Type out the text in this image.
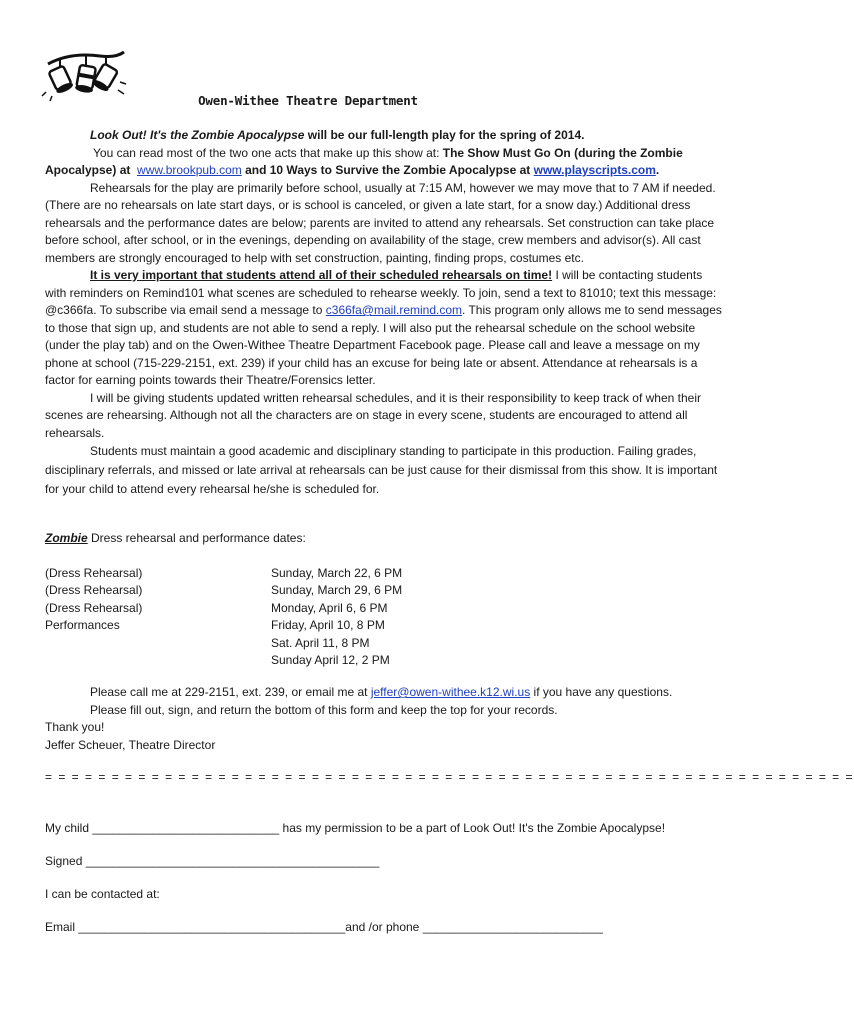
Owen-Withee Theatre Department

Look Out! It's the Zombie Apocalypse will be our full-length play for the spring of 2014.

You can read most of the two one acts that make up this show at: The Show Must Go On (during the Zombie Apocalypse) at www.brookpub.com and 10 Ways to Survive the Zombie Apocalypse at www.playscripts.com.

Rehearsals for the play are primarily before school, usually at 7:15 AM, however we may move that to 7 AM if needed. (There are no rehearsals on late start days, or is school is canceled, or given a late start, for a snow day.) Additional dress rehearsals and the performance dates are below; parents are invited to attend any rehearsals. Set construction can take place before school, after school, or in the evenings, depending on availability of the stage, crew members and advisor(s). All cast members are strongly encouraged to help with set construction, painting, finding props, costumes etc.

It is very important that students attend all of their scheduled rehearsals on time! I will be contacting students with reminders on Remind101 what scenes are scheduled to rehearse weekly. To join, send a text to 81010; text this message: @c366fa. To subscribe via email send a message to c366fa@mail.remind.com. This program only allows me to send messages to those that sign up, and students are not able to send a reply. I will also put the rehearsal schedule on the school website (under the play tab) and on the Owen-Withee Theatre Department Facebook page. Please call and leave a message on my phone at school (715-229-2151, ext. 239) if your child has an excuse for being late or absent. Attendance at rehearsals is a factor for earning points towards their Theatre/Forensics letter.

I will be giving students updated written rehearsal schedules, and it is their responsibility to keep track of when their scenes are rehearsing. Although not all the characters are on stage in every scene, students are encouraged to attend all rehearsals.

Students must maintain a good academic and disciplinary standing to participate in this production. Failing grades, disciplinary referrals, and missed or late arrival at rehearsals can be just cause for their dismissal from this show. It is important for your child to attend every rehearsal he/she is scheduled for.

Zombie Dress rehearsal and performance dates:
(Dress Rehearsal)	Sunday, March 22, 6 PM
(Dress Rehearsal)	Sunday, March 29, 6 PM
(Dress Rehearsal)	Monday, April 6, 6 PM
Performances	Friday, April 10, 8 PM
Sat. April 11, 8 PM
Sunday April 12, 2 PM
Please call me at 229-2151, ext. 239, or email me at jeffer@owen-withee.k12.wi.us if you have any questions.
Please fill out, sign, and return the bottom of this form and keep the top for your records.
Thank you!
Jeffer Scheuer, Theatre Director
= = = = = = = = = = = = = = = = = = = = = = = = = = = = = = = = = = = = = = = = = = = = = = = = = = = = = = = = = = = = =
My child ____________________________ has my permission to be a part of Look Out! It's the Zombie Apocalypse!
Signed ____________________________________________
I can be contacted at:
Email ________________________________________and /or phone ___________________________
